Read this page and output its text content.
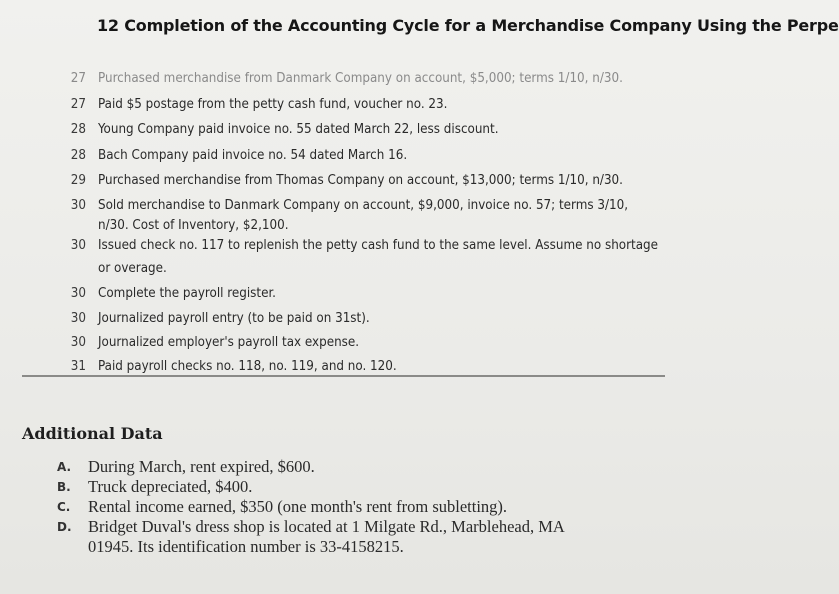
12 Completion of the Accounting Cycle for a Merchandise Company Using the Perpe
27 Purchased merchandise from Danmark Company on account, $5,000; terms 1/10, n/30.
27 Paid $5 postage from the petty cash fund, voucher no. 23.
28 Young Company paid invoice no. 55 dated March 22, less discount.
28 Bach Company paid invoice no. 54 dated March 16.
29 Purchased merchandise from Thomas Company on account, $13,000; terms 1/10, n/30.
30 Sold merchandise to Danmark Company on account, $9,000, invoice no. 57; terms 3/10,
n/30. Cost of Inventory, $2,100.
30 Issued check no. 117 to replenish the petty cash fund to the same level. Assume no shortage
or overage.
30 Complete the payroll register.
30 Journalized payroll entry (to be paid on 31st).
30 Journalized employer's payroll tax expense.
31 Paid payroll checks no. 118, no. 119, and no. 120.
Additional Data
A. During March, rent expired, $600.
B. Truck depreciated, $400.
C. Rental income earned, $350 (one month's rent from subletting).
D. Bridget Duval's dress shop is located at 1 Milgate Rd., Marblehead, MA
01945. Its identification number is 33-4158215.
